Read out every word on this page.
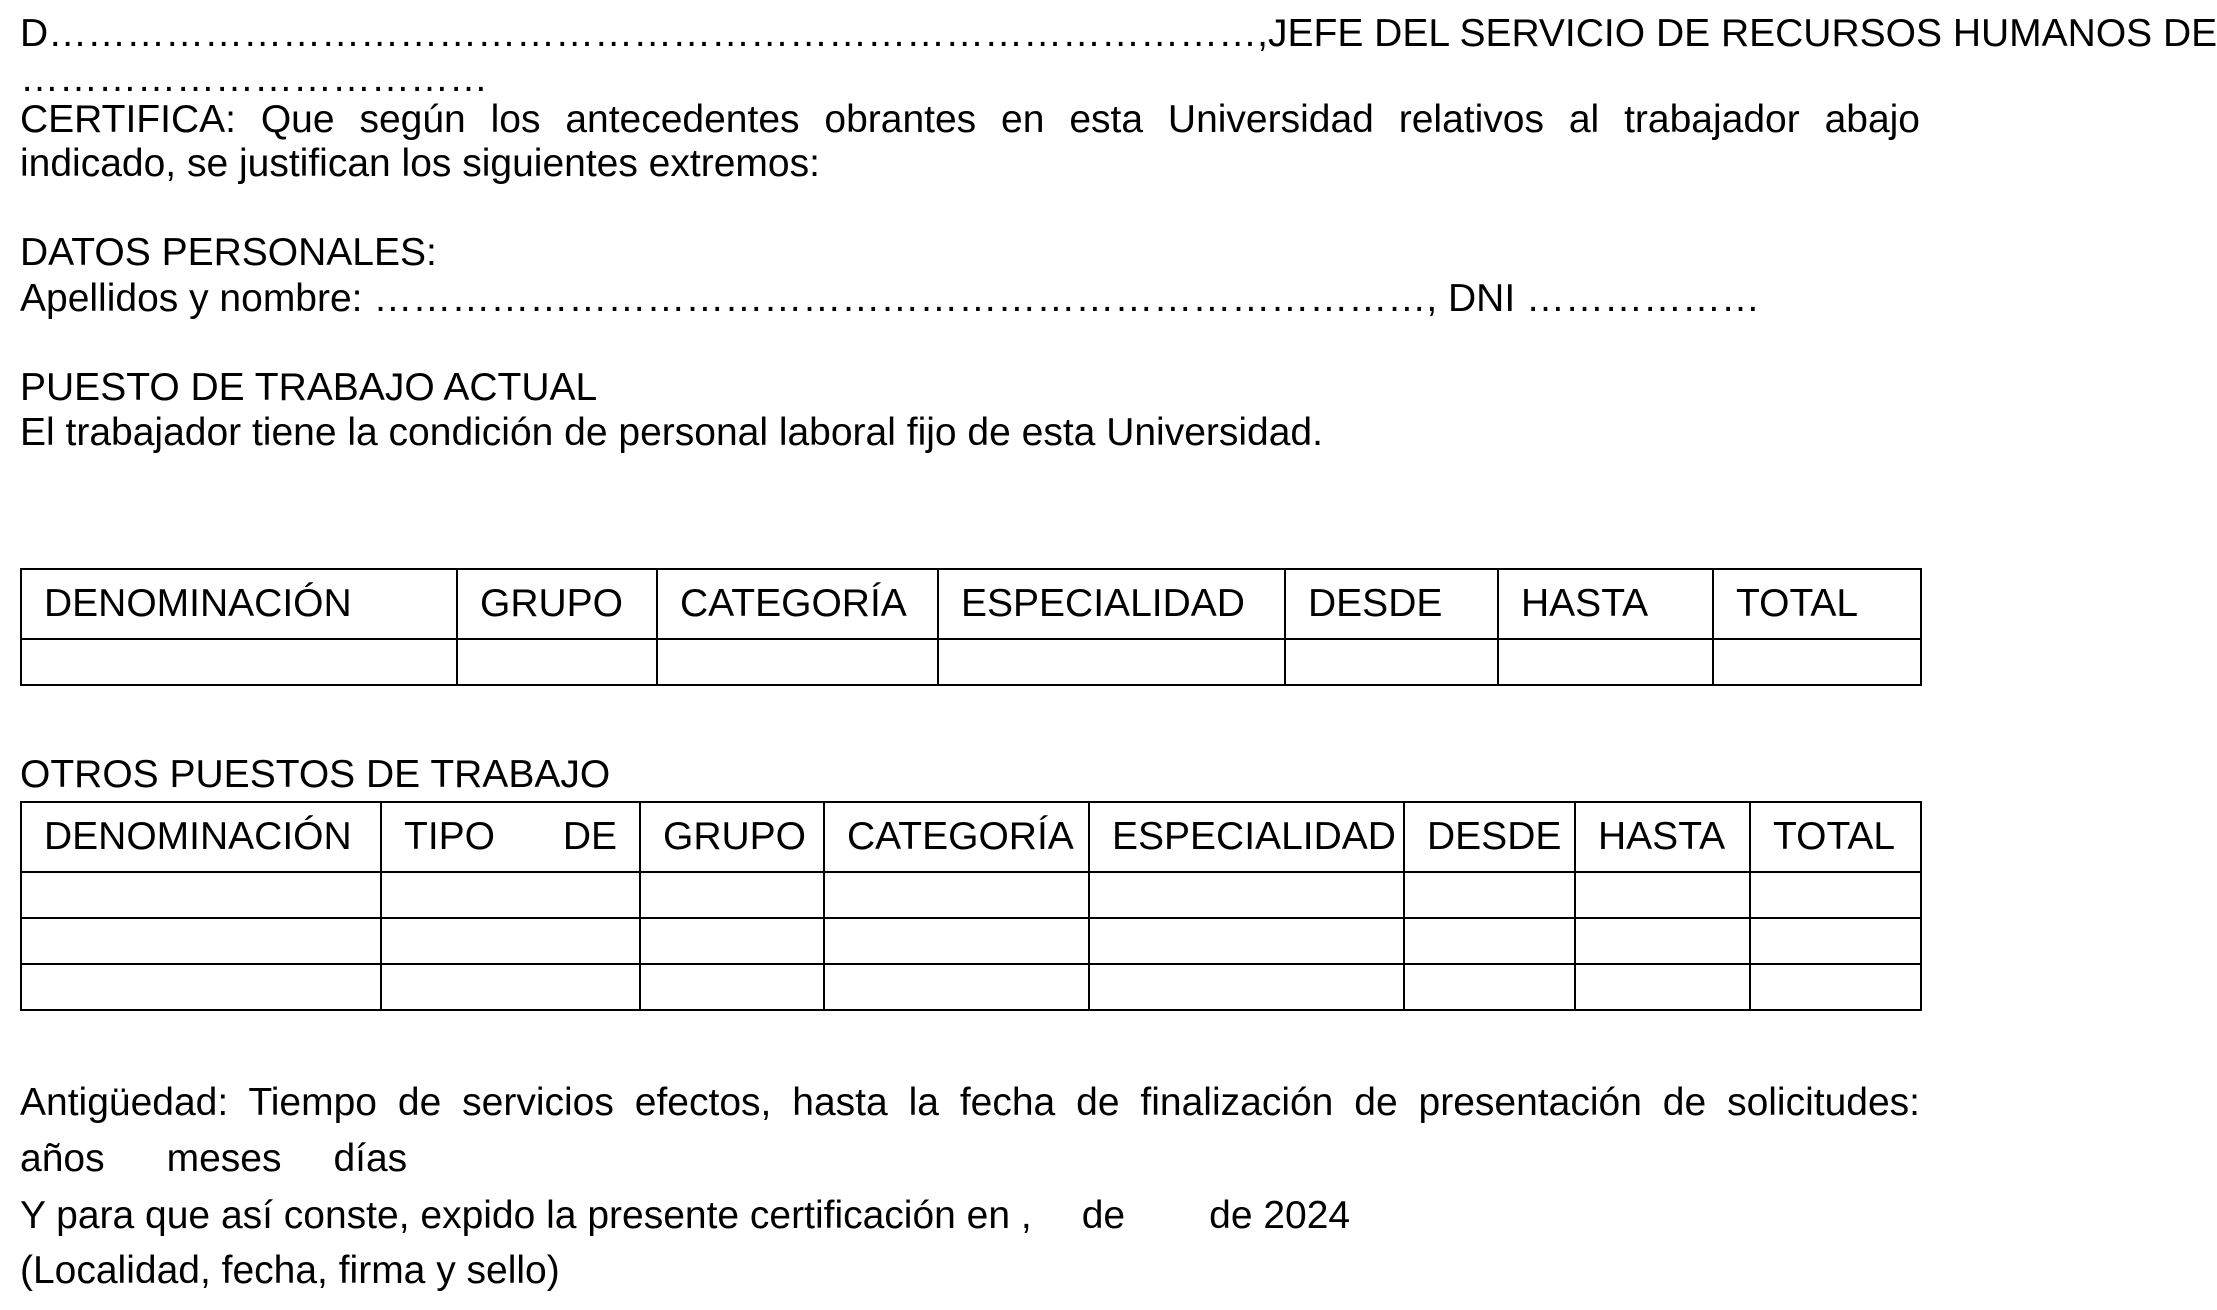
D…………………………………………………………………………………, JEFE DEL SERVICIO DE RECURSOS HUMANOS DE
………………………………
CERTIFICA: Que según los antecedentes obrantes en esta Universidad relativos al trabajador abajo
indicado, se justifican los siguientes extremos:
DATOS PERSONALES:
Apellidos y nombre: ………………………………………………………………………, DNI ………………
PUESTO DE TRABAJO ACTUAL
El trabajador tiene la condición de personal laboral fijo de esta Universidad.
DENOMINACIÓN	GRUPO	CATEGORÍA	ESPECIALIDAD	DESDE	HASTA	TOTAL

OTROS PUESTOS DE TRABAJO
DENOMINACIÓN	TIPO DE	GRUPO	CATEGORÍA	ESPECIALIDAD	DESDE	HASTA	TOTAL

Antigüedad: Tiempo de servicios efectos, hasta la fecha de finalización de presentación de solicitudes:
años meses días
Y para que así conste, expido la presente certificación en , de de 2024
(Localidad, fecha, firma y sello)
